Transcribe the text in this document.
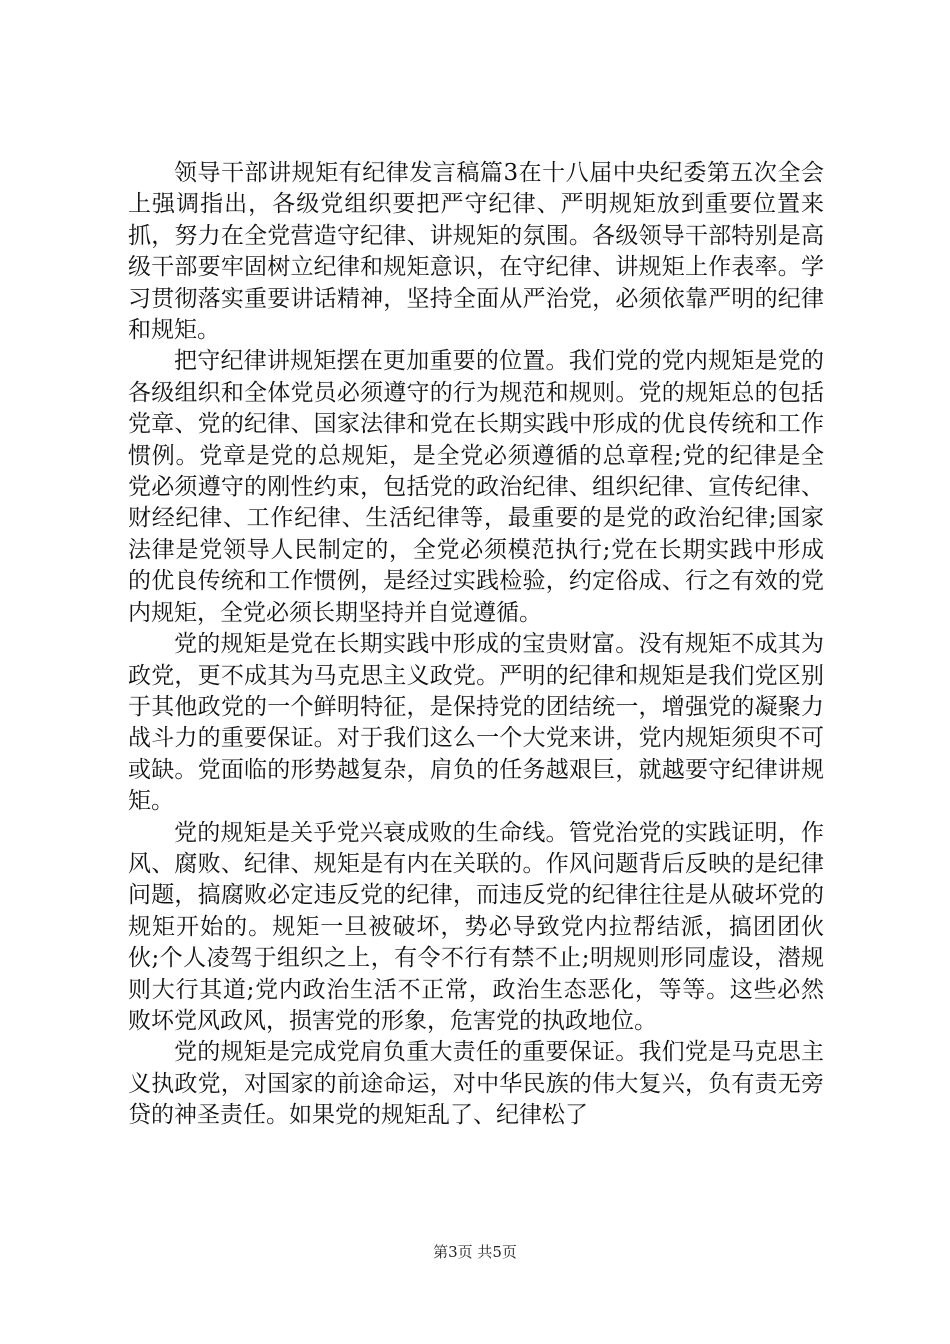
领导干部讲规矩有纪律发言稿篇3在十八届中央纪委第五次全会上强调指出，各级党组织要把严守纪律、严明规矩放到重要位置来抓，努力在全党营造守纪律、讲规矩的氛围。各级领导干部特别是高级干部要牢固树立纪律和规矩意识，在守纪律、讲规矩上作表率。学习贯彻落实重要讲话精神，坚持全面从严治党，必须依靠严明的纪律和规矩。

把守纪律讲规矩摆在更加重要的位置。我们党的党内规矩是党的各级组织和全体党员必须遵守的行为规范和规则。党的规矩总的包括党章、党的纪律、国家法律和党在长期实践中形成的优良传统和工作惯例。党章是党的总规矩，是全党必须遵循的总章程;党的纪律是全党必须遵守的刚性约束，包括党的政治纪律、组织纪律、宣传纪律、财经纪律、工作纪律、生活纪律等，最重要的是党的政治纪律;国家法律是党领导人民制定的，全党必须模范执行;党在长期实践中形成的优良传统和工作惯例，是经过实践检验，约定俗成、行之有效的党内规矩，全党必须长期坚持并自觉遵循。

党的规矩是党在长期实践中形成的宝贵财富。没有规矩不成其为政党，更不成其为马克思主义政党。严明的纪律和规矩是我们党区别于其他政党的一个鲜明特征，是保持党的团结统一，增强党的凝聚力战斗力的重要保证。对于我们这么一个大党来讲，党内规矩须臾不可或缺。党面临的形势越复杂，肩负的任务越艰巨，就越要守纪律讲规矩。

党的规矩是关乎党兴衰成败的生命线。管党治党的实践证明，作风、腐败、纪律、规矩是有内在关联的。作风问题背后反映的是纪律问题，搞腐败必定违反党的纪律，而违反党的纪律往往是从破坏党的规矩开始的。规矩一旦被破坏，势必导致党内拉帮结派，搞团团伙伙;个人凌驾于组织之上，有令不行有禁不止;明规则形同虚设，潜规则大行其道;党内政治生活不正常，政治生态恶化，等等。这些必然败坏党风政风，损害党的形象，危害党的执政地位。

党的规矩是完成党肩负重大责任的重要保证。我们党是马克思主义执政党，对国家的前途命运，对中华民族的伟大复兴，负有责无旁贷的神圣责任。如果党的规矩乱了、纪律松了

第3页 共5页
